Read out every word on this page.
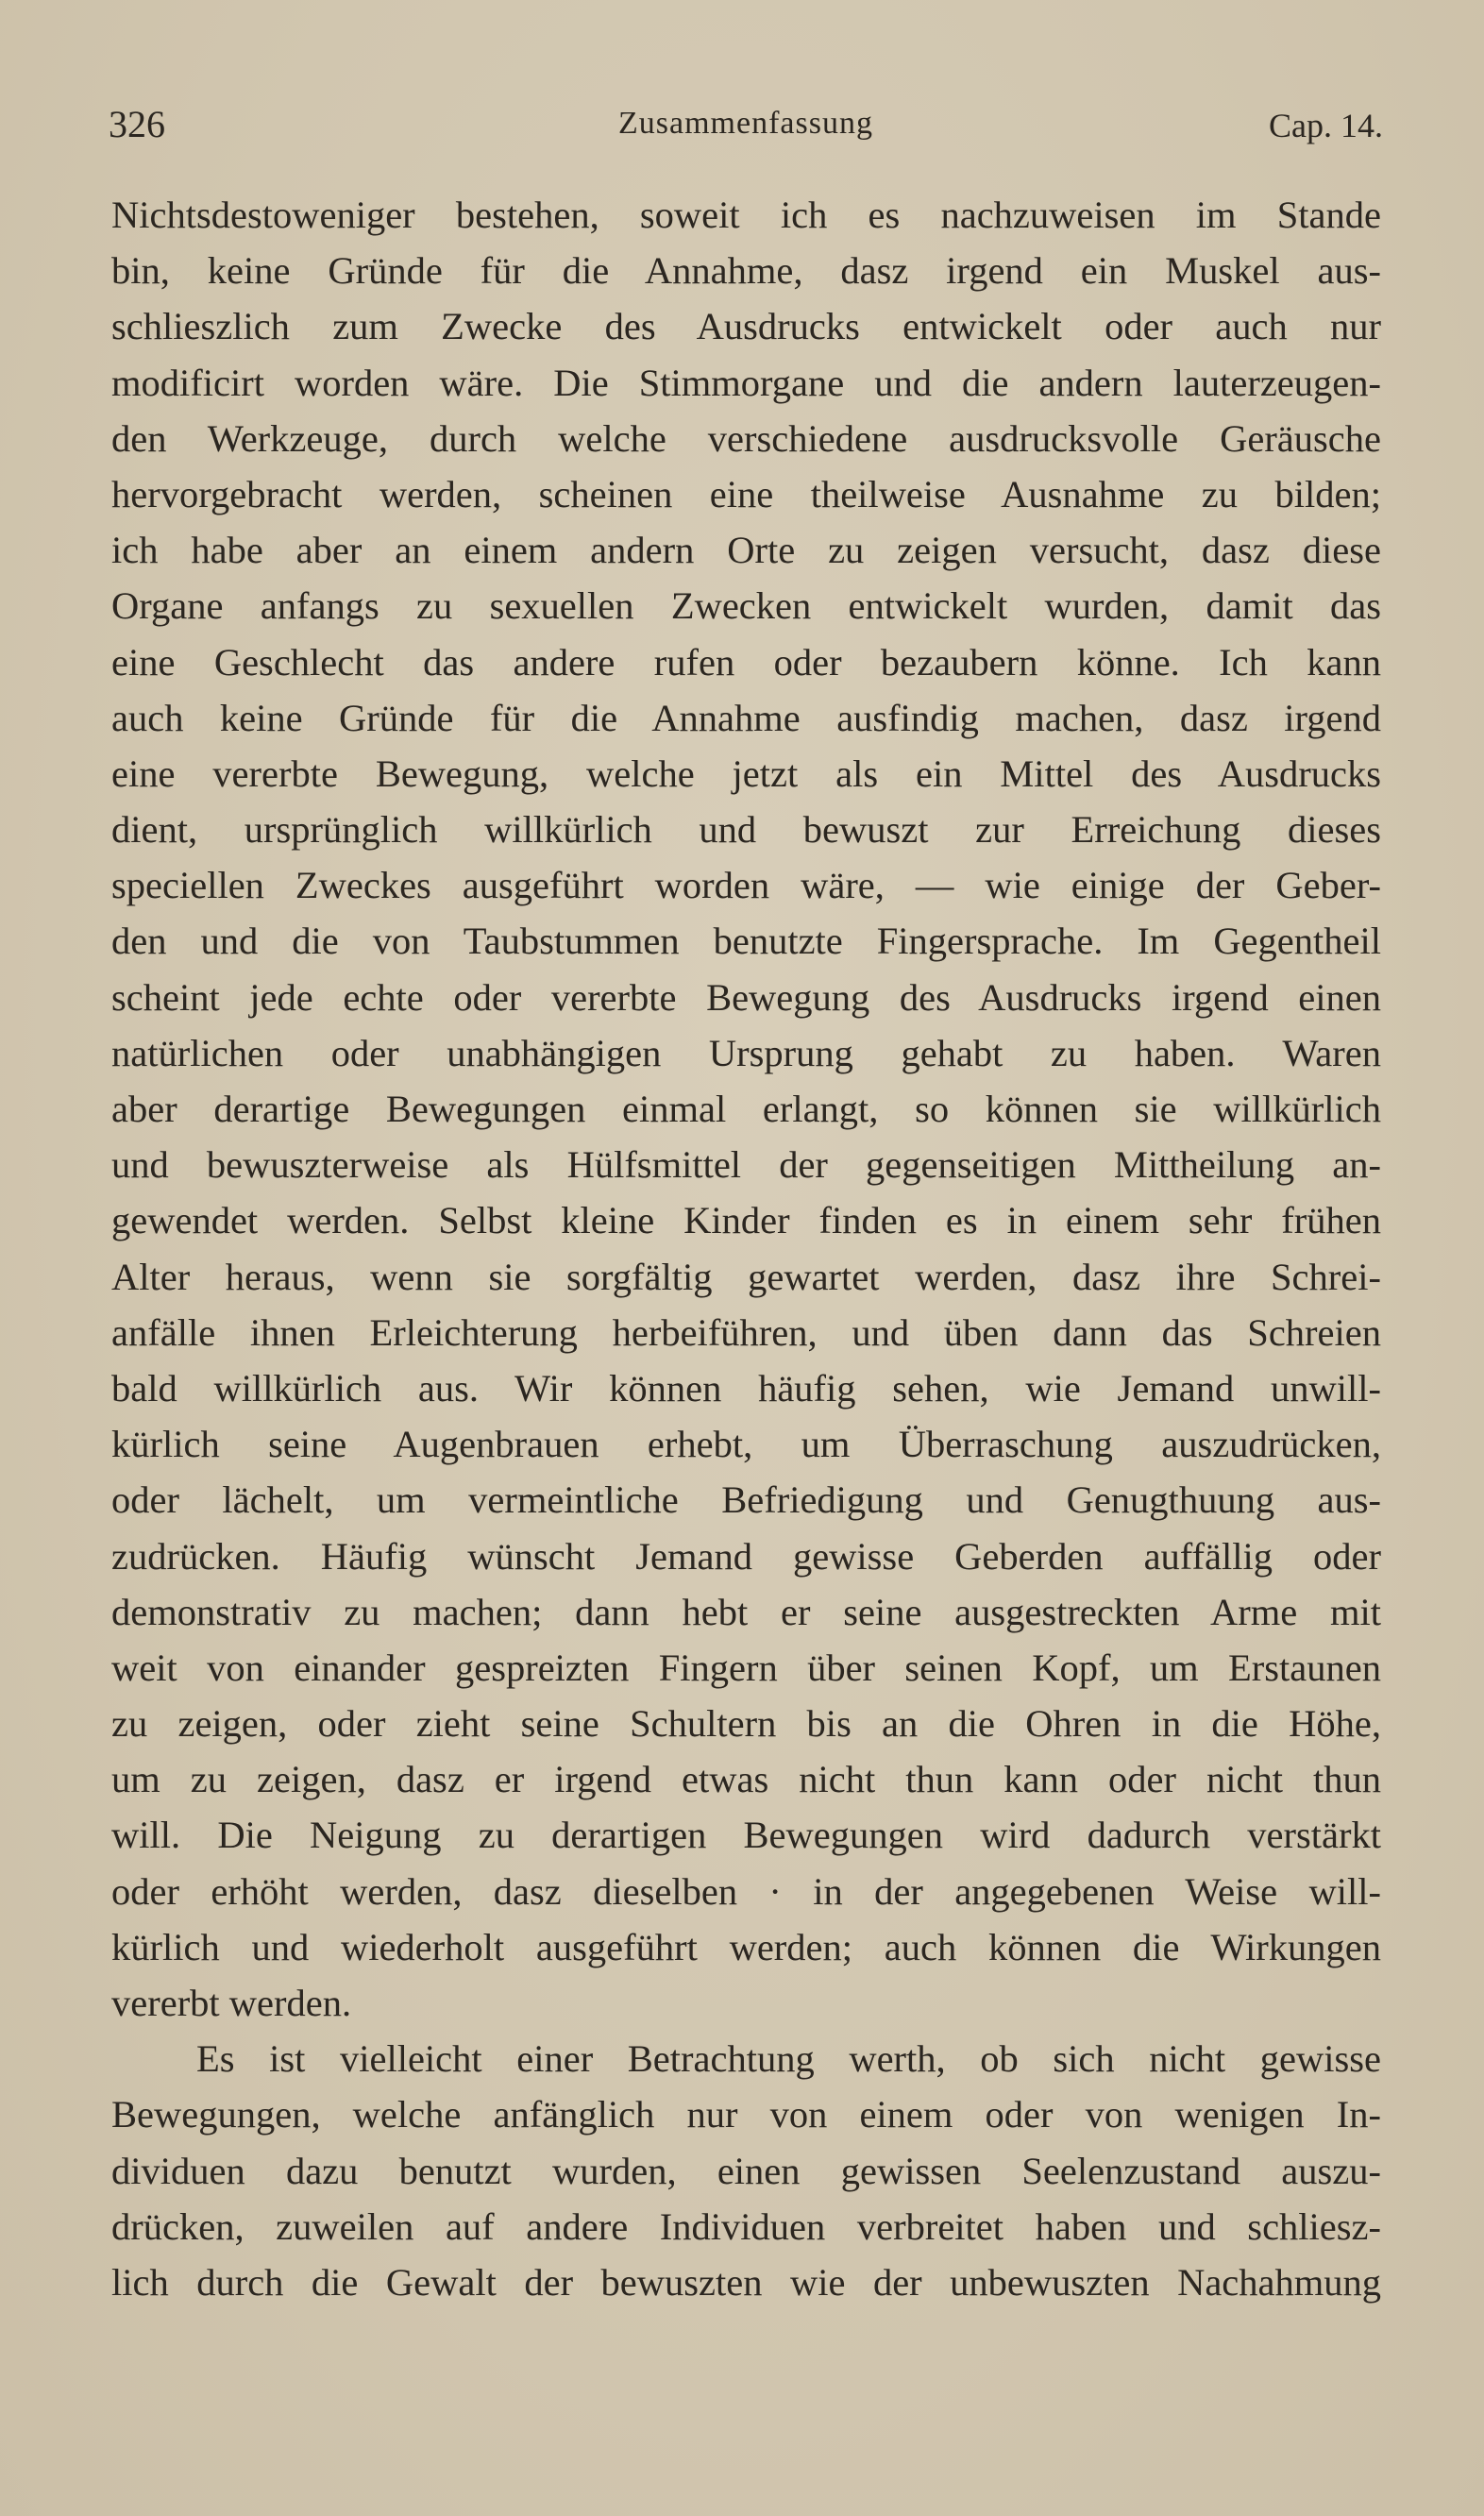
326	Zusammenfassung	Cap. 14.
Nichtsdestoweniger bestehen, soweit ich es nachzuweisen im Stande
bin, keine Gründe für die Annahme, dasz irgend ein Muskel aus-
schlieszlich zum Zwecke des Ausdrucks entwickelt oder auch nur
modificirt worden wäre. Die Stimmorgane und die andern lauterzeugen-
den Werkzeuge, durch welche verschiedene ausdrucksvolle Geräusche
hervorgebracht werden, scheinen eine theilweise Ausnahme zu bilden;
ich habe aber an einem andern Orte zu zeigen versucht, dasz diese
Organe anfangs zu sexuellen Zwecken entwickelt wurden, damit das
eine Geschlecht das andere rufen oder bezaubern könne. Ich kann
auch keine Gründe für die Annahme ausfindig machen, dasz irgend
eine vererbte Bewegung, welche jetzt als ein Mittel des Ausdrucks
dient, ursprünglich willkürlich und bewuszt zur Erreichung dieses
speciellen Zweckes ausgeführt worden wäre, — wie einige der Geber-
den und die von Taubstummen benutzte Fingersprache. Im Gegentheil
scheint jede echte oder vererbte Bewegung des Ausdrucks irgend einen
natürlichen oder unabhängigen Ursprung gehabt zu haben. Waren
aber derartige Bewegungen einmal erlangt, so können sie willkürlich
und bewuszterweise als Hülfsmittel der gegenseitigen Mittheilung an-
gewendet werden. Selbst kleine Kinder finden es in einem sehr frühen
Alter heraus, wenn sie sorgfältig gewartet werden, dasz ihre Schrei-
anfälle ihnen Erleichterung herbeiführen, und üben dann das Schreien
bald willkürlich aus. Wir können häufig sehen, wie Jemand unwill-
kürlich seine Augenbrauen erhebt, um Überraschung auszudrücken,
oder lächelt, um vermeintliche Befriedigung und Genugthuung aus-
zudrücken. Häufig wünscht Jemand gewisse Geberden auffällig oder
demonstrativ zu machen; dann hebt er seine ausgestreckten Arme mit
weit von einander gespreizten Fingern über seinen Kopf, um Erstaunen
zu zeigen, oder zieht seine Schultern bis an die Ohren in die Höhe,
um zu zeigen, dasz er irgend etwas nicht thun kann oder nicht thun
will. Die Neigung zu derartigen Bewegungen wird dadurch verstärkt
oder erhöht werden, dasz dieselben · in der angegebenen Weise will-
kürlich und wiederholt ausgeführt werden; auch können die Wirkungen
vererbt werden.
Es ist vielleicht einer Betrachtung werth, ob sich nicht gewisse
Bewegungen, welche anfänglich nur von einem oder von wenigen In-
dividuen dazu benutzt wurden, einen gewissen Seelenzustand auszu-
drücken, zuweilen auf andere Individuen verbreitet haben und schliesz-
lich durch die Gewalt der bewuszten wie der unbewuszten Nachahmung
